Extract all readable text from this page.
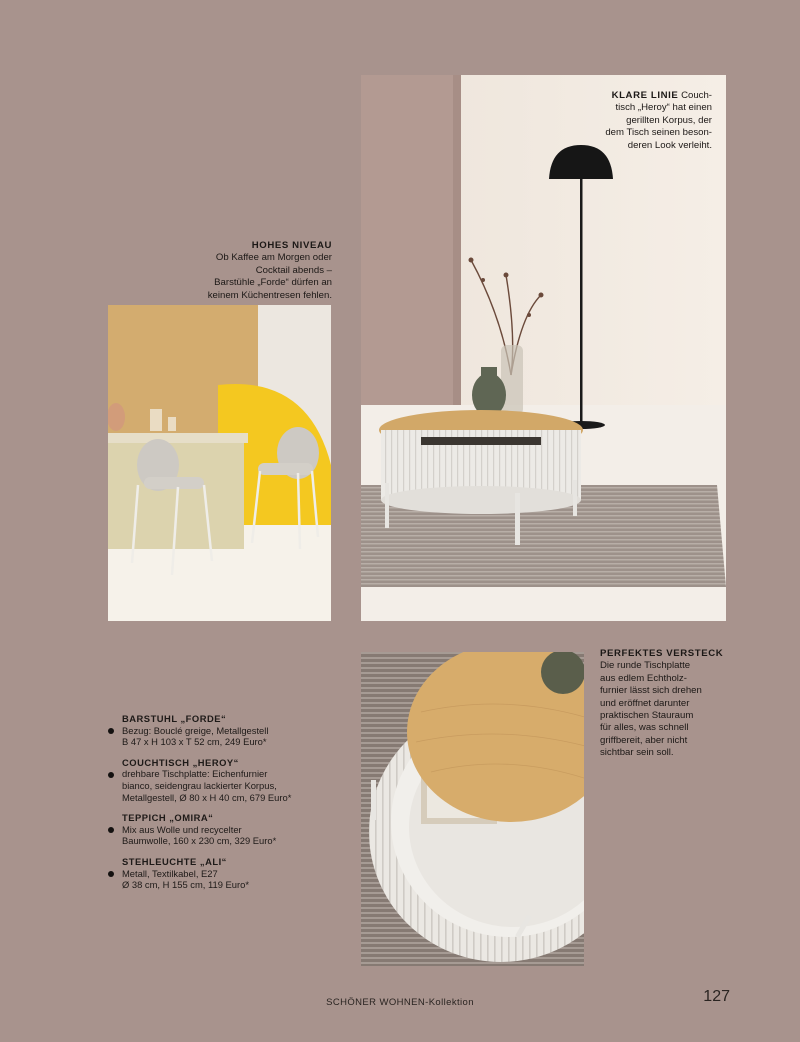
KLARE LINIE Couch-

tisch „Heroy“ hat einen

gerillten Korpus, der

dem Tisch seinen beson-

deren Look verleiht.

HOHES NIVEAU

Ob Kaffee am Morgen oder

Cocktail abends –

Barstühle „Forde“ dürfen an

keinem Küchentresen fehlen.

PERFEKTES VERSTECK

Die runde Tischplatte

aus edlem Echtholz-

furnier lässt sich drehen

und eröffnet darunter

praktischen Stauraum

für alles, was schnell

griffbereit, aber nicht

sichtbar sein soll.

BARSTUHL „FORDE“
Bezug: Bouclé greige, Metallgestell
B 47 x H 103 x T 52 cm, 249 Euro*
COUCHTISCH „HEROY“
drehbare Tischplatte: Eichenfurnier
bianco, seidengrau lackierter Korpus,
Metallgestell, Ø 80 x H 40 cm, 679 Euro*
TEPPICH „OMIRA“
Mix aus Wolle und recycelter
Baumwolle, 160 x 230 cm, 329 Euro*
STEHLEUCHTE „ALI“
Metall, Textilkabel, E27
Ø 38 cm, H 155 cm, 119 Euro*
SCHÖNER WOHNEN-Kollektion	127
